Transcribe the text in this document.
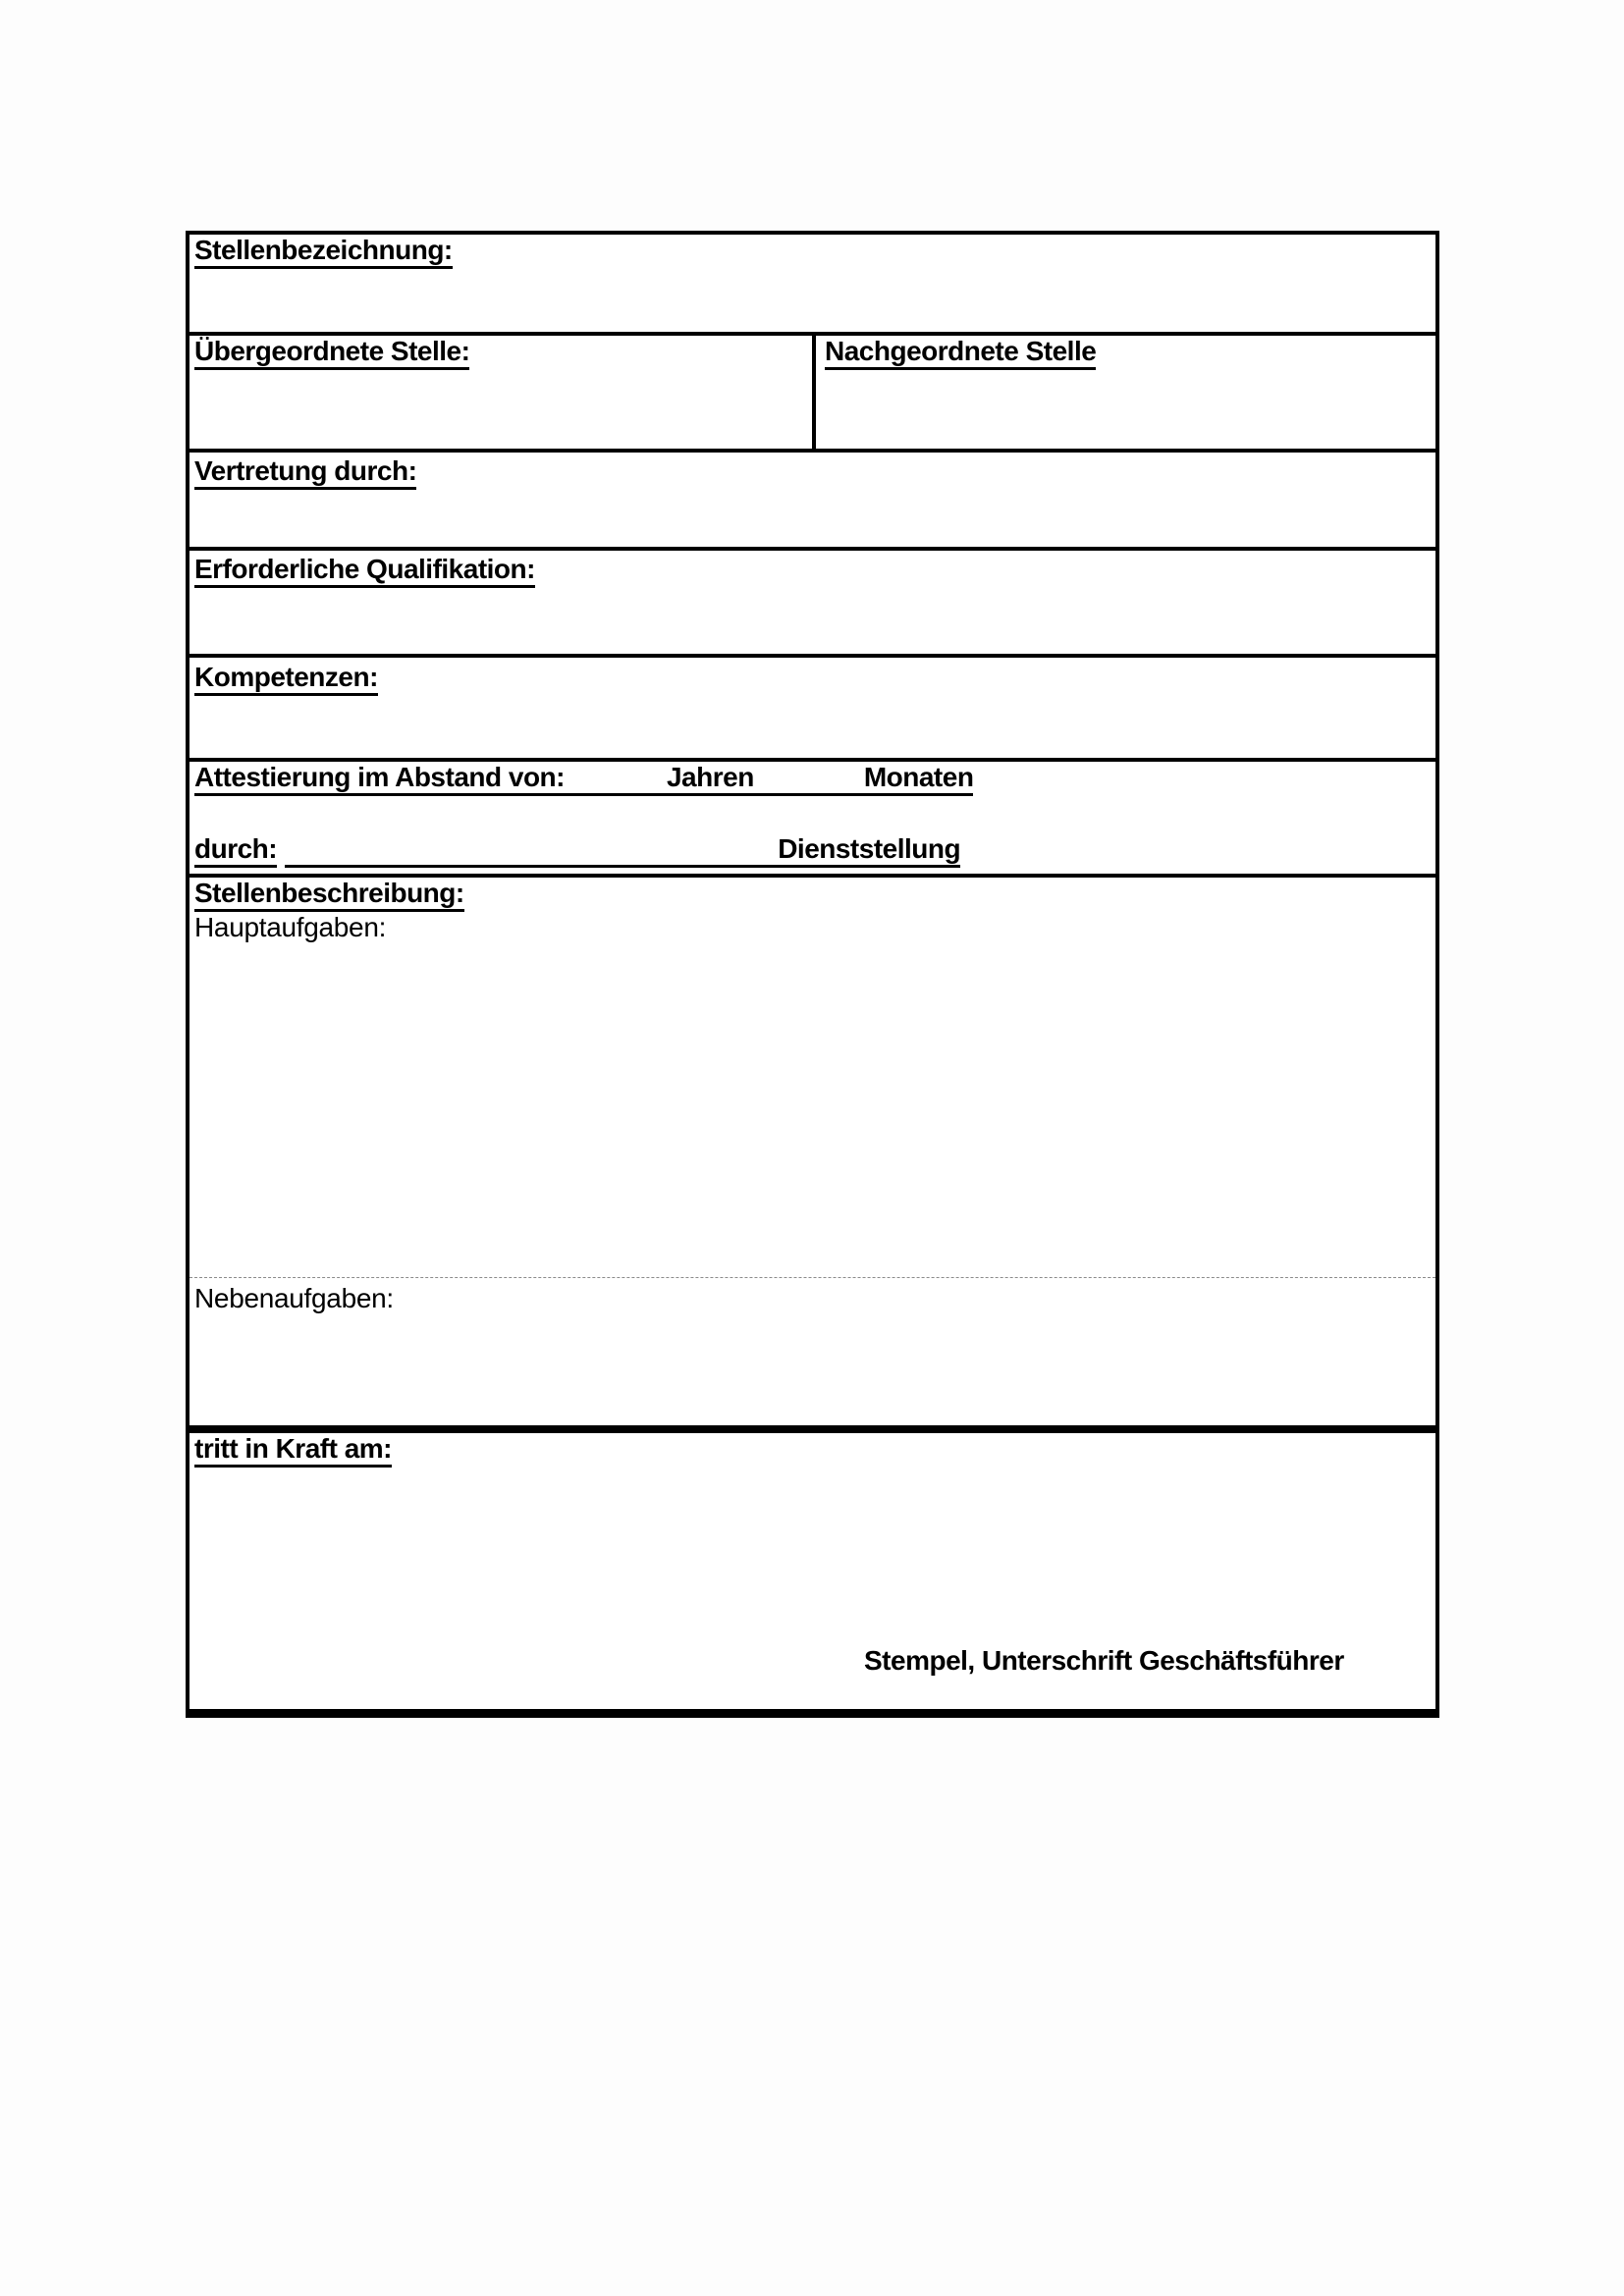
Stellenbezeichnung:
Übergeordnete Stelle:	Nachgeordnete Stelle
Vertretung durch:
Erforderliche Qualifikation:
Kompetenzen:
Attestierung im Abstand von:	Jahren	Monaten
durch:	Dienststellung
Stellenbeschreibung:
Hauptaufgaben:
Nebenaufgaben:
tritt in Kraft am:
Stempel, Unterschrift Geschäftsführer
